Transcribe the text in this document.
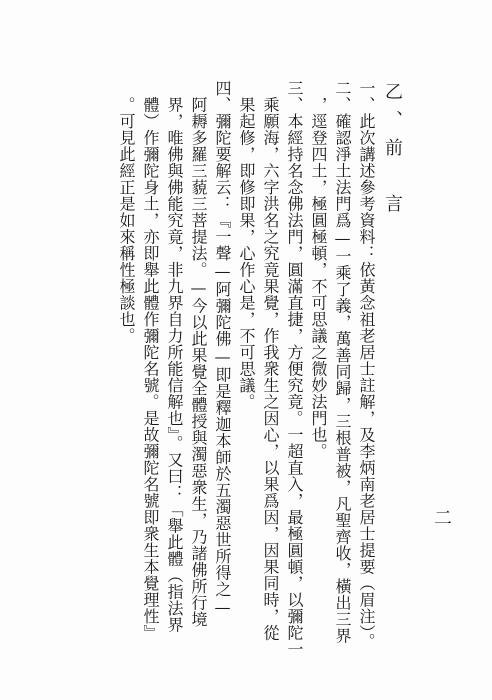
乙、前　言
一、此次講述參考資料：依黃念祖老居士註解，及李炳南老居士提要（眉注）。
二、確認淨土法門爲—一乘了義，萬善同歸，三根普被，凡聖齊收，橫出三界
　，逕登四土，極圓極頓，不可思議之微妙法門也。
三、本經持名念佛法門，圓滿直捷，方便究竟。一超直入，最極圓頓，以彌陀一
　乘願海，六字洪名之究竟果覺，作我衆生之因心，以果爲因，因果同時，從
　果起修，即修即果，心作心是，不可思議。
四、彌陀要解云：『一聲—阿彌陀佛—即是釋迦本師於五濁惡世所得之—
　阿耨多羅三藐三菩提法。—今以此果覺全體授與濁惡衆生，乃諸佛所行境
　界，唯佛與佛能究竟，非九界自力所能信解也』。又曰：「舉此體（指法界
　體）作彌陀身土，亦即舉此體作彌陀名號。是故彌陀名號即衆生本覺理性』
　。可見此經正是如來稱性極談也。
二
